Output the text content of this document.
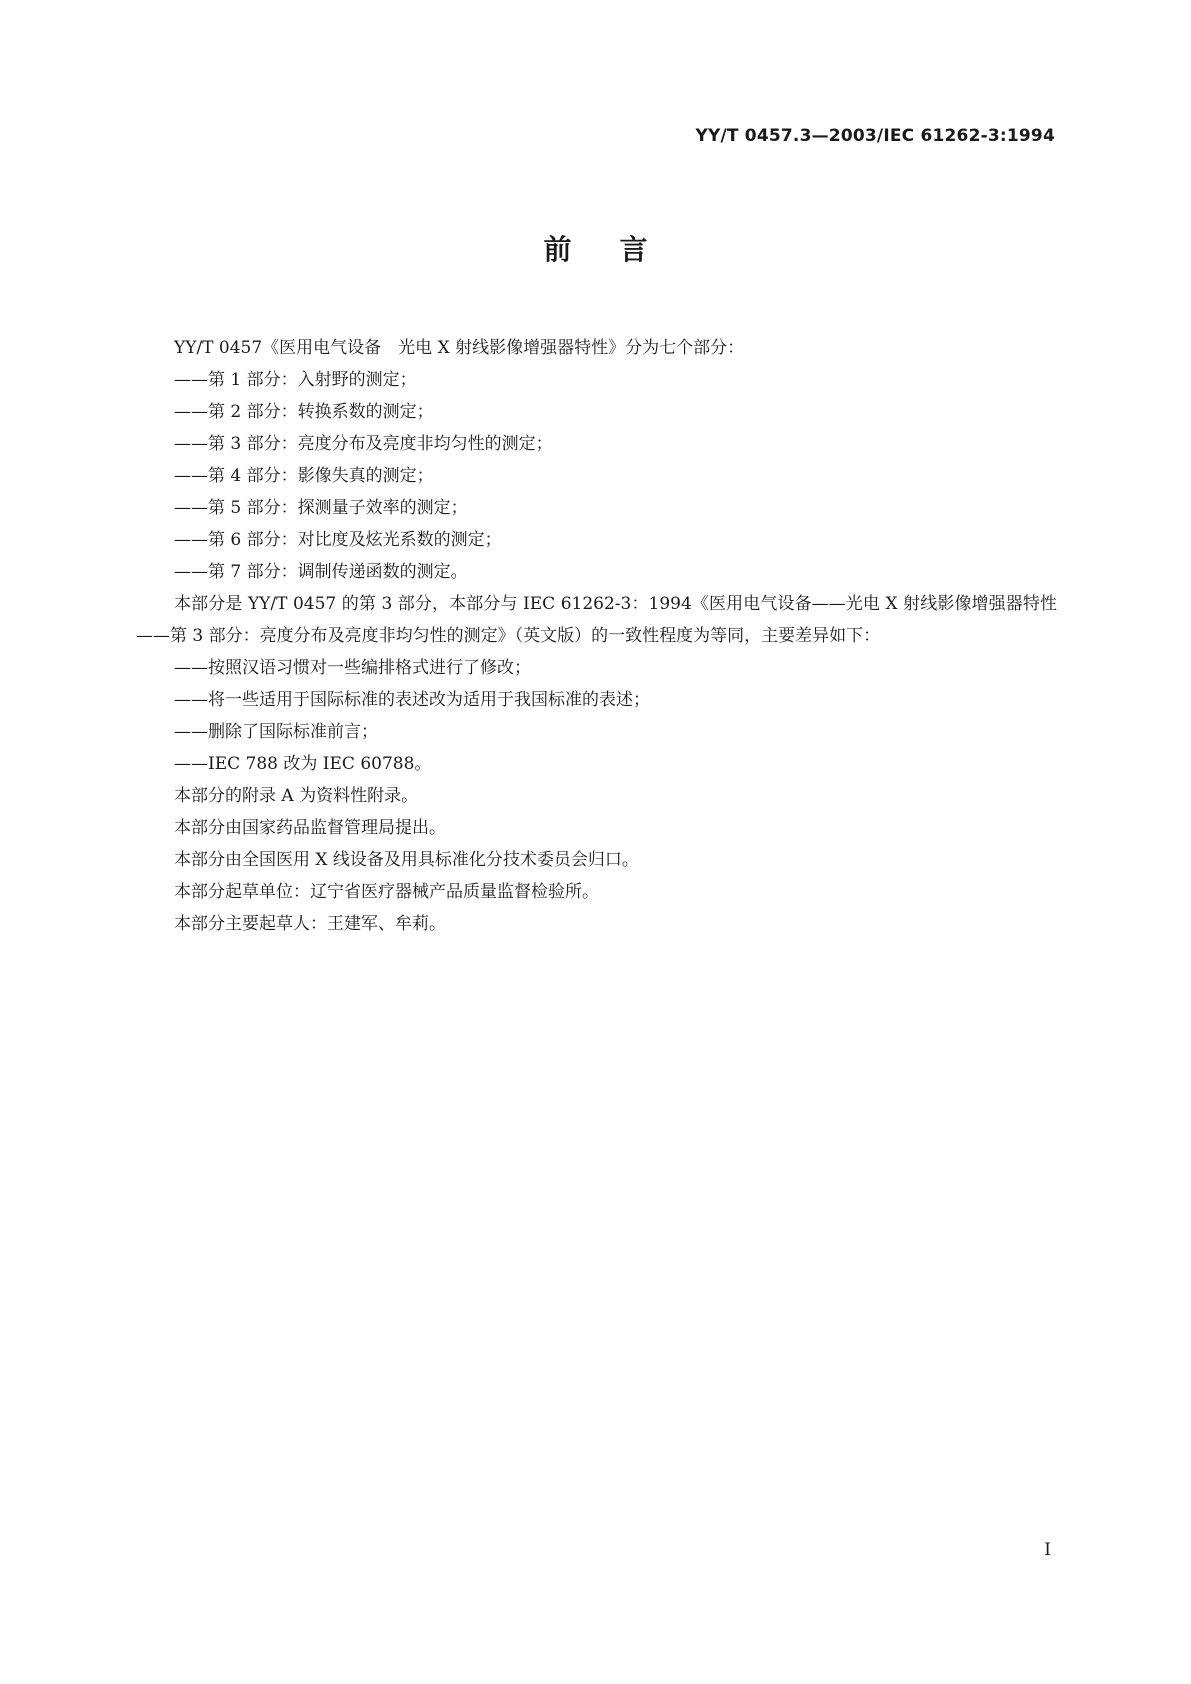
YY/T 0457.3—2003/IEC 61262-3:1994
前言

YY/T 0457《医用电气设备　光电 X 射线影像增强器特性》分为七个部分：

——第 1 部分：入射野的测定；

——第 2 部分：转换系数的测定；

——第 3 部分：亮度分布及亮度非均匀性的测定；

——第 4 部分：影像失真的测定；

——第 5 部分：探测量子效率的测定；

——第 6 部分：对比度及炫光系数的测定；

——第 7 部分：调制传递函数的测定。

本部分是 YY/T 0457 的第 3 部分，本部分与 IEC 61262-3：1994《医用电气设备——光电 X 射线影像增强器特性——第 3 部分：亮度分布及亮度非均匀性的测定》（英文版）的一致性程度为等同，主要差异如下：

——按照汉语习惯对一些编排格式进行了修改；

——将一些适用于国际标准的表述改为适用于我国标准的表述；

——删除了国际标准前言；

——IEC 788 改为 IEC 60788。

本部分的附录 A 为资料性附录。

本部分由国家药品监督管理局提出。

本部分由全国医用 X 线设备及用具标准化分技术委员会归口。

本部分起草单位：辽宁省医疗器械产品质量监督检验所。

本部分主要起草人：王建军、牟莉。

I
